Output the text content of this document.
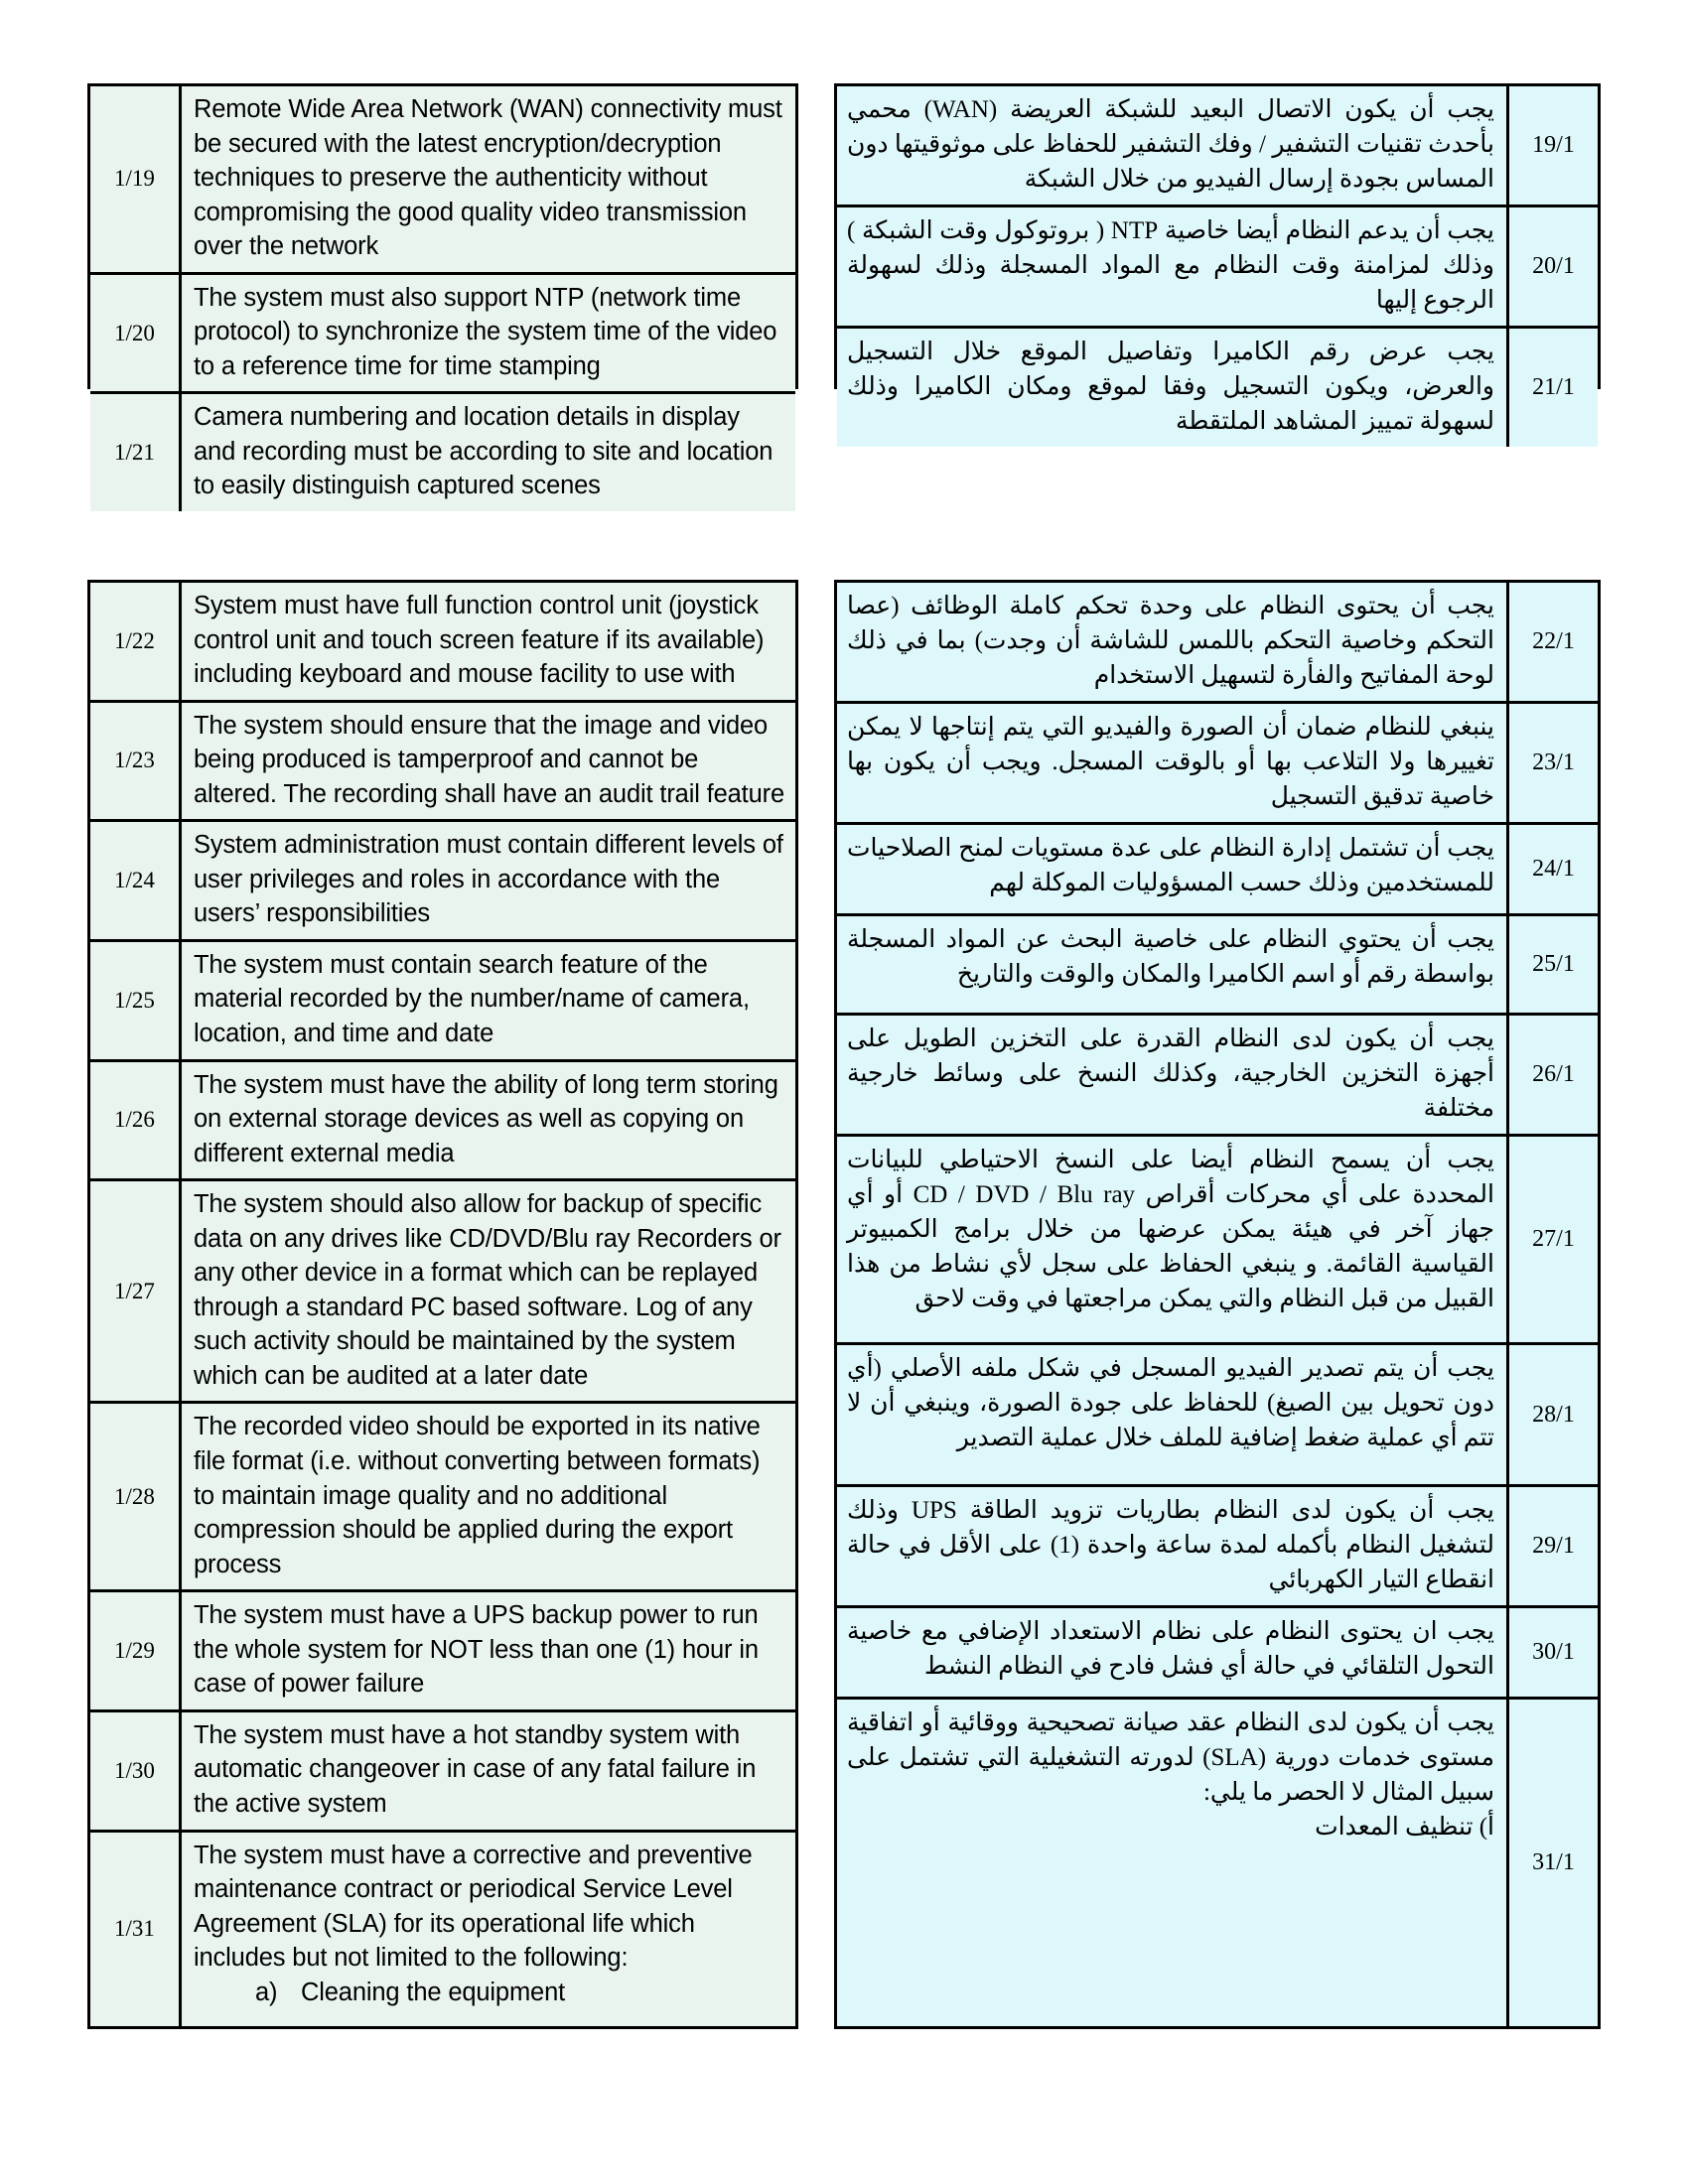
1/19
Remote Wide Area Network (WAN) connectivity must be secured with the latest encryption/decryption techniques to preserve the authenticity without compromising the good quality video transmission over the network
1/20
The system must also support NTP (network time protocol) to synchronize the system time of the video to a reference time for time stamping
1/21
Camera numbering and location details in display and recording must be according to site and location to easily distinguish captured scenes
يجب أن يكون الاتصال البعيد للشبكة العريضة (WAN) محمي بأحدث تقنيات التشفير / وفك التشفير للحفاظ على موثوقيتها دون المساس بجودة إرسال الفيديو من خلال الشبكة
19/1
يجب أن يدعم النظام أيضا خاصية NTP ( بروتوكول وقت الشبكة ) وذلك لمزامنة وقت النظام مع المواد المسجلة وذلك لسهولة الرجوع إليها
20/1
يجب عرض رقم الكاميرا وتفاصيل الموقع خلال التسجيل والعرض، ويكون التسجيل وفقا لموقع ومكان الكاميرا وذلك لسهولة تمييز المشاهد الملتقطة
21/1
1/22
System must have full function control unit (joystick control unit and touch screen feature if its available) including keyboard and mouse facility to use with
1/23
The system should ensure that the image and video being produced is tamperproof and cannot be altered. The recording shall have an audit trail feature
1/24
System administration must contain different levels of user privileges and roles in accordance with the users’ responsibilities
1/25
The system must contain search feature of the material recorded by the number/name of camera, location, and time and date
1/26
The system must have the ability of long term storing on external storage devices as well as copying on different external media
1/27
The system should also allow for backup of specific data on any drives like CD/DVD/Blu ray Recorders or any other device in a format which can be replayed through a standard PC based software. Log of any such activity should be maintained by the system which can be audited at a later date
1/28
The recorded video should be exported in its native file format (i.e. without converting between formats) to maintain image quality and no additional compression should be applied during the export process
1/29
The system must have a UPS backup power to run the whole system for NOT less than one (1) hour in case of power failure
1/30
The system must have a hot standby system with automatic changeover in case of any fatal failure in the active system
1/31
The system must have a corrective and preventive maintenance contract or periodical Service Level Agreement (SLA) for its operational life which includes but not limited to the following:
a) Cleaning the equipment
يجب أن يحتوى النظام على وحدة تحكم كاملة الوظائف (عصا التحكم وخاصية التحكم باللمس للشاشة أن وجدت) بما في ذلك لوحة المفاتيح والفأرة لتسهيل الاستخدام
22/1
ينبغي للنظام ضمان أن الصورة والفيديو التي يتم إنتاجها لا يمكن تغييرها ولا التلاعب بها أو بالوقت المسجل. ويجب أن يكون بها خاصية تدقيق التسجيل
23/1
يجب أن تشتمل إدارة النظام على عدة مستويات لمنح الصلاحيات للمستخدمين وذلك حسب المسؤوليات الموكلة لهم
24/1
يجب أن يحتوي النظام على خاصية البحث عن المواد المسجلة بواسطة رقم أو اسم الكاميرا والمكان والوقت والتاريخ	25/1
يجب أن يكون لدى النظام القدرة على التخزين الطويل على أجهزة التخزين الخارجية، وكذلك النسخ على وسائط خارجية مختلفة
26/1
يجب أن يسمح النظام أيضا على النسخ الاحتياطي للبيانات المحددة على أي محركات أقراص CD / DVD / Blu ray أو أي جهاز آخر في هيئة يمكن عرضها من خلال برامج الكمبيوتر القياسية القائمة. و ينبغي الحفاظ على سجل لأي نشاط من هذا القبيل من قبل النظام والتي يمكن مراجعتها في وقت لاحق
27/1
يجب أن يتم تصدير الفيديو المسجل في شكل ملفه الأصلي (أي دون تحويل بين الصيغ) للحفاظ على جودة الصورة، وينبغي أن لا تتم أي عملية ضغط إضافية للملف خلال عملية التصدير
28/1
يجب أن يكون لدى النظام بطاريات تزويد الطاقة UPS وذلك لتشغيل النظام بأكمله لمدة ساعة واحدة (1) على الأقل في حالة انقطاع التيار الكهربائي
29/1
يجب ان يحتوى النظام على نظام الاستعداد الإضافي مع خاصية التحول التلقائي في حالة أي فشل فادح في النظام النشط
30/1
يجب أن يكون لدى النظام عقد صيانة تصحيحية ووقائية أو اتفاقية مستوى خدمات دورية (SLA) لدورته التشغيلية التي تشتمل على سبيل المثال لا الحصر ما يلي:
أ) تنظيف المعدات
31/1
